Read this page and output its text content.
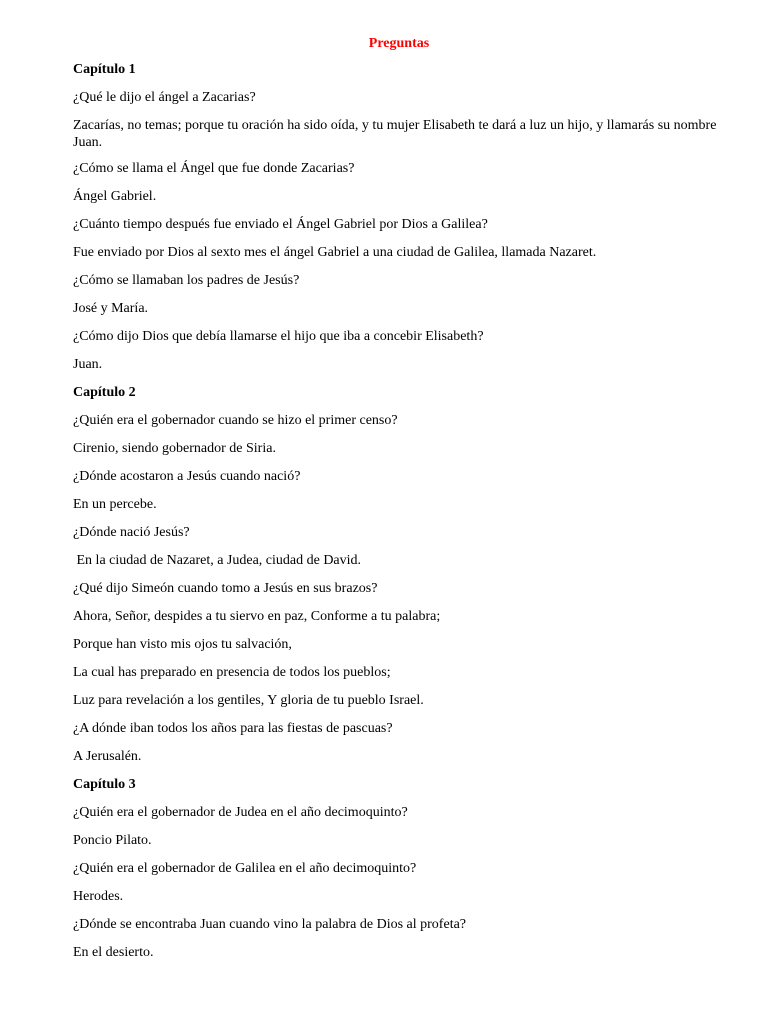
Preguntas
Capítulo 1
¿Qué le dijo el ángel a Zacarias?
Zacarías, no temas; porque tu oración ha sido oída, y tu mujer Elisabeth te dará a luz un hijo, y llamarás su nombre Juan.
¿Cómo se llama el Ángel que fue donde Zacarias?
Ángel Gabriel.
¿Cuánto tiempo después fue enviado el Ángel Gabriel por Dios a Galilea?
Fue enviado por Dios al sexto mes el ángel Gabriel a una ciudad de Galilea, llamada Nazaret.
¿Cómo se llamaban los padres de Jesús?
José y María.
¿Cómo dijo Dios que debía llamarse el hijo que iba a concebir Elisabeth?
Juan.
Capítulo 2
¿Quién era el gobernador cuando se hizo el primer censo?
Cirenio, siendo gobernador de Siria.
¿Dónde acostaron a Jesús cuando nació?
En un percebe.
¿Dónde nació Jesús?
En la ciudad de Nazaret, a Judea, ciudad de David.
¿Qué dijo Simeón cuando tomo a Jesús en sus brazos?
Ahora, Señor, despides a tu siervo en paz, Conforme a tu palabra;
Porque han visto mis ojos tu salvación,
La cual has preparado en presencia de todos los pueblos;
Luz para revelación a los gentiles, Y gloria de tu pueblo Israel.
¿A dónde iban todos los años para las fiestas de pascuas?
A Jerusalén.
Capítulo 3
¿Quién era el gobernador de Judea en el año decimoquinto?
Poncio Pilato.
¿Quién era el gobernador de Galilea en el año decimoquinto?
Herodes.
¿Dónde se encontraba Juan cuando vino la palabra de Dios al profeta?
En el desierto.
